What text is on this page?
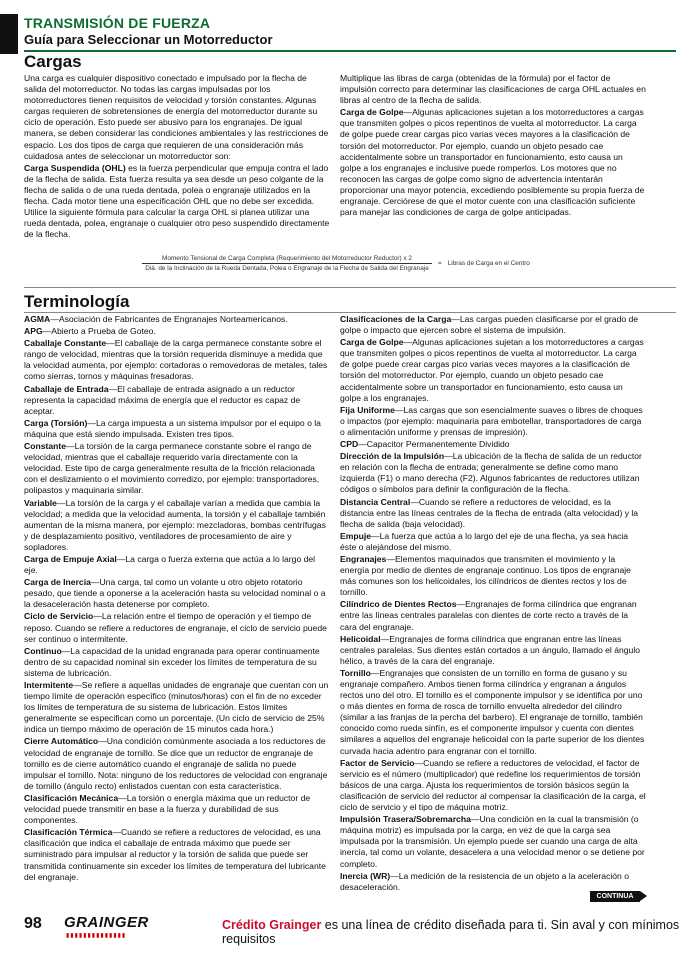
TRANSMISIÓN DE FUERZA
Guía para Seleccionar un Motorreductor
Cargas

Una carga es cualquier dispositivo conectado e impulsado por la flecha de salida del motorreductor. No todas las cargas impulsadas por los motorreductores tienen requisitos de velocidad y torsión constantes. Algunas cargas requieren de sobretensiones de energía del motorreductor durante su ciclo de operación. Esto puede ser abusivo para los engranajes. De igual manera, se deben considerar las condiciones ambientales y las restricciones de espacio. Los dos tipos de carga que requieren de una consideración más cuidadosa antes de seleccionar un motorreductor son:

Carga Suspendida (OHL) es la fuerza perpendicular que empuja contra el lado de la flecha de salida. Esta fuerza resulta ya sea desde un peso colgante de la flecha de salida o de una rueda dentada, polea o engranaje utilizados en la flecha. Cada motor tiene una especificación OHL que no debe ser excedida. Utilice la siguiente fórmula para calcular la carga OHL si planea utilizar una rueda dentada, polea, engranaje o cualquier otro peso suspendido directamente de la flecha.

Multiplique las libras de carga (obtenidas de la fórmula) por el factor de impulsión correcto para determinar las clasificaciones de carga OHL actuales en libras al centro de la flecha de salida.

Carga de Golpe—Algunas aplicaciones sujetan a los motorreductores a cargas que transmiten golpes o picos repentinos de vuelta al motorreductor. La carga de golpe puede crear cargas pico varias veces mayores a la clasificación de torsión del motorreductor. Por ejemplo, cuando un objeto pesado cae accidentalmente sobre un transportador en funcionamiento, esto causa un golpe a los engranajes e inclusive puede romperlos. Los motores que no reconocen las cargas de golpe como signo de advertencia intentarán proporcionar una mayor potencia, excediendo posiblemente su propia fuerza de engranaje. Cerciórese de que el motor cuente con una clasificación suficiente para manejar las condiciones de carga de golpe anticipadas.

Momento Tensional de Carga Completa (Requerimiento del Motorreductor Reductor) x 2
Diá. de la Inclinación de la Rueda Dentada, Polea o Engranaje de la Flecha de Salida del Engranaje
= Libras de Carga en el Centro
Terminología

AGMA—Asociación de Fabricantes de Engranajes Norteamericanos.

APG—Abierto a Prueba de Goteo.

Caballaje Constante—El caballaje de la carga permanece constante sobre el rango de velocidad, mientras que la torsión requerida disminuye a medida que la velocidad aumenta, por ejemplo: cortadoras o removedoras de metales, tales como sierras, tornos y máquinas fresadoras.

Caballaje de Entrada—El caballaje de entrada asignado a un reductor representa la capacidad máxima de energía que el reductor es capaz de aceptar.

Carga (Torsión)—La carga impuesta a un sistema impulsor por el equipo o la máquina que está siendo impulsada. Existen tres tipos.

Constante—La torsión de la carga permanece constante sobre el rango de velocidad, mientras que el caballaje requerido varía directamente con la velocidad. Este tipo de carga generalmente resulta de la fricción relacionada con el deslizamiento o el movimiento corredizo, por ejemplo: transportadores, polipastos y maquinaria similar.

Variable—La torsión de la carga y el caballaje varían a medida que cambia la velocidad; a medida que la velocidad aumenta, la torsión y el caballaje también aumentan de la misma manera, por ejemplo: mezcladoras, bombas centrífugas y de desplazamiento positivo, ventiladores de procesamiento de aire y sopladores.

Carga de Empuje Axial—La carga o fuerza externa que actúa a lo largo del eje.

Carga de Inercia—Una carga, tal como un volante u otro objeto rotatorio pesado, que tiende a oponerse a la aceleración hasta su velocidad nominal o a la desaceleración hasta detenerse por completo.

Ciclo de Servicio—La relación entre el tiempo de operación y el tiempo de reposo. Cuando se refiere a reductores de engranaje, el ciclo de servicio puede ser continuo o intermitente.

Continuo—La capacidad de la unidad engranada para operar continuamente dentro de su capacidad nominal sin exceder los límites de temperatura de su sistema de lubricación.

Intermitente—Se refiere a aquellas unidades de engranaje que cuentan con un tiempo límite de operación específico (minutos/horas) con el fin de no exceder los límites de temperatura de su sistema de lubricación. Estos límites generalmente se especifican como un porcentaje. (Un ciclo de servicio de 25% indica un tiempo máximo de operación de 15 minutos cada hora.)

Cierre Automático—Una condición comúnmente asociada a los reductores de velocidad de engranaje de tornillo. Se dice que un reductor de engranaje de tornillo es de cierre automático cuando el engranaje de salida no puede impulsar el tornillo. Nota: ninguno de los reductores de velocidad con engranaje de tornillo (ángulo recto) enlistados cuentan con esta característica.

Clasificación Mecánica—La torsión o energía máxima que un reductor de velocidad puede transmitir en base a la fuerza y durabilidad de sus componentes.

Clasificación Térmica—Cuando se refiere a reductores de velocidad, es una clasificación que indica el caballaje de entrada máximo que puede ser suministrado para impulsar al reductor y la torsión de salida que puede ser transmitida continuamente sin exceder los límites de temperatura del lubricante del engranaje.

Clasificaciones de la Carga—Las cargas pueden clasificarse por el grado de golpe o impacto que ejercen sobre el sistema de impulsión.

Carga de Golpe—Algunas aplicaciones sujetan a los motorreductores a cargas que transmiten golpes o picos repentinos de vuelta al motorreductor. La carga de golpe puede crear cargas pico varias veces mayores a la clasificación de torsión del motorreductor. Por ejemplo, cuando un objeto pesado cae accidentalmente sobre un transportador en funcionamiento, esto causa un golpe a los engranajes.

Fija Uniforme—Las cargas que son esencialmente suaves o libres de choques o impactos (por ejemplo: maquinaria para embotellar, transportadores de carga o alimentación uniforme y prensas de impresión).

CPD—Capacitor Permanentemente Dividido

Dirección de la Impulsión—La ubicación de la flecha de salida de un reductor en relación con la flecha de entrada; generalmente se define como mano izquierda (F1) o mano derecha (F2). Algunos fabricantes de reductores utilizan códigos o símbolos para definir la configuración de la flecha.

Distancia Central—Cuando se refiere a reductores de velocidad, es la distancia entre las líneas centrales de la flecha de entrada (alta velocidad) y la flecha de salida (baja velocidad).

Empuje—La fuerza que actúa a lo largo del eje de una flecha, ya sea hacia éste o alejándose del mismo.

Engranajes—Elementos maquinados que transmiten el movimiento y la energía por medio de dientes de engranaje continuo. Los tipos de engranaje más comunes son los helicoidales, los cilíndricos de dientes rectos y los de tornillo.

Cilíndrico de Dientes Rectos—Engranajes de forma cilíndrica que engranan entre las líneas centrales paralelas con dientes de corte recto a través de la cara del engranaje.

Helicoidal—Engranajes de forma cilíndrica que engranan entre las líneas centrales paralelas. Sus dientes están cortados a un ángulo, llamado el ángulo hélico, a través de la cara del engranaje.

Tornillo—Engranajes que consisten de un tornillo en forma de gusano y su engranaje compañero. Ambos tienen forma cilíndrica y engranan a ángulos rectos uno del otro. El tornillo es el componente impulsor y se identifica por uno o más dientes en forma de rosca de tornillo envuelta alrededor del cilindro (similar a las franjas de la percha del barbero). El engranaje de tornillo, también conocido como rueda sinfín, es el componente impulsor y cuenta con dientes similares a aquellos del engranaje helicoidal con la parte superior de los dientes curvada hacia adentro para engranar con el tornillo.

Factor de Servicio—Cuando se refiere a reductores de velocidad, el factor de servicio es el número (multiplicador) que redefine los requerimientos de torsión básicos de una carga. Ajusta los requerimientos de torsión básicos según la clasificación de servicio del reductor al compensar la clasificación de la carga, el ciclo de servicio y el tipo de máquina motriz.

Impulsión Trasera/Sobremarcha—Una condición en la cual la transmisión (o máquina motriz) es impulsada por la carga, en vez de que la carga sea impulsada por la transmisión. Un ejemplo puede ser cuando una carga de alta inercia, tal como un volante, desacelera a una velocidad menor o se detiene por completo.

Inercia (WR)—La medición de la resistencia de un objeto a la aceleración o desaceleración.

CONTINUA
98 GRAINGER
▮▮▮▮▮▮▮▮▮▮▮▮▮▮
Crédito Grainger es una línea de crédito diseñada para ti. Sin aval y con mínimos requisitos
